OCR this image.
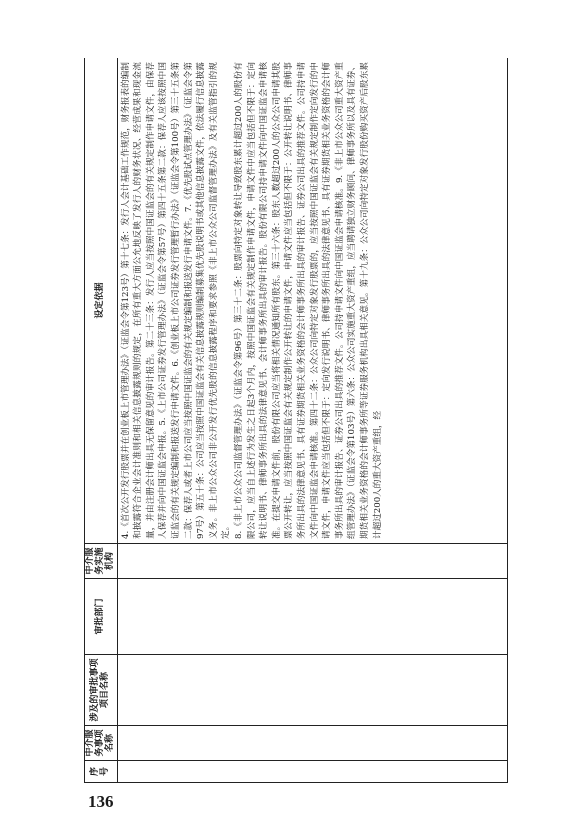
136
序号	中介服务事项名称	涉及的审批事项项目名称	审批部门	中介服务实施机构	设定依据

					4.《首次公开发行股票并在创业板上市管理办法》（证监会令第123号）第十七条：发行人会计基础工作规范，财务报表的编制和披露符合企业会计准则和相关信息披露规则的规定，在所有重大方面公允地反映了发行人的财务状况、经营成果和现金流量，并由注册会计师出具无保留意见的审计报告。第二十三条：发行人应当按照中国证监会的有关规定制作申请文件，由保荐人保荐并向中国证监会申报。5.《上市公司证券发行管理办法》（证监会令第57号）第四十五条第二款：保荐人应该按照中国证监会的有关规定编制和报送发行申请文件。6.《创业板上市公司证券发行管理暂行办法》（证监会令第100号）第三十五条第二款：保荐人或者上市公司应当按照中国证监会的有关规定编制和报送发行申请文件。7.《优先股试点管理办法》（证监会令第97号）第五十条：公司应当按照中国证监会有关信息披露规则编制募集优先股说明书或其他信息披露文件，依法履行信息披露义务。非上市公众公司非公开发行优先股的信息披露程序和要求参照《非上市公众公司监督管理办法》及有关监管指引的规定。 8.《非上市公众公司监督管理办法》（证监会令第96号）第三十二条：股票向特定对象转让导致股东累计超过200人的股份有限公司，应当自上述行为发生之日起3个月内，按照中国证监会有关规定制作申请文件，申请文件中应当包括但不限于：定向转让说明书、律师事务所出具的法律意见书、会计师事务所出具的审计报告。股份有限公司持申请文件向中国证监会申请核准。在提交申请文件前，股份有限公司应当将相关情况通知所有股东。第三十六条：股东人数超过200人的公众公司申请其股票公开转让，应当按照中国证监会有关规定制作公开转让的申请文件，申请文件应当包括但不限于：公开转让说明书、律师事务所出具的法律意见书、具有证券期货相关业务资格的会计师事务所出具的审计报告、证券公司出具的推荐文件。公司持申请文件向中国证监会申请核准。第四十二条：公众公司向特定对象发行股票的，应当按照中国证监会有关规定制作定向发行的申请文件，申请文件应当包括但不限于：定向发行说明书、律师事务所出具的法律意见书、具有证券期货相关业务资格的会计师事务所出具的审计报告、证券公司出具的推荐文件。公司持申请文件向中国证监会申请核准。9.《非上市公众公司重大资产重组管理办法》（证监会令第103号）第六条：公众公司实施重大资产重组，应当聘请独立财务顾问、律师事务所以及具有证券、期货相关业务资格的会计师事务所等证券服务机构出具相关意见。第十九条：公众公司向特定对象发行股份购买资产后股东累计超过200人的重大资产重组，经
